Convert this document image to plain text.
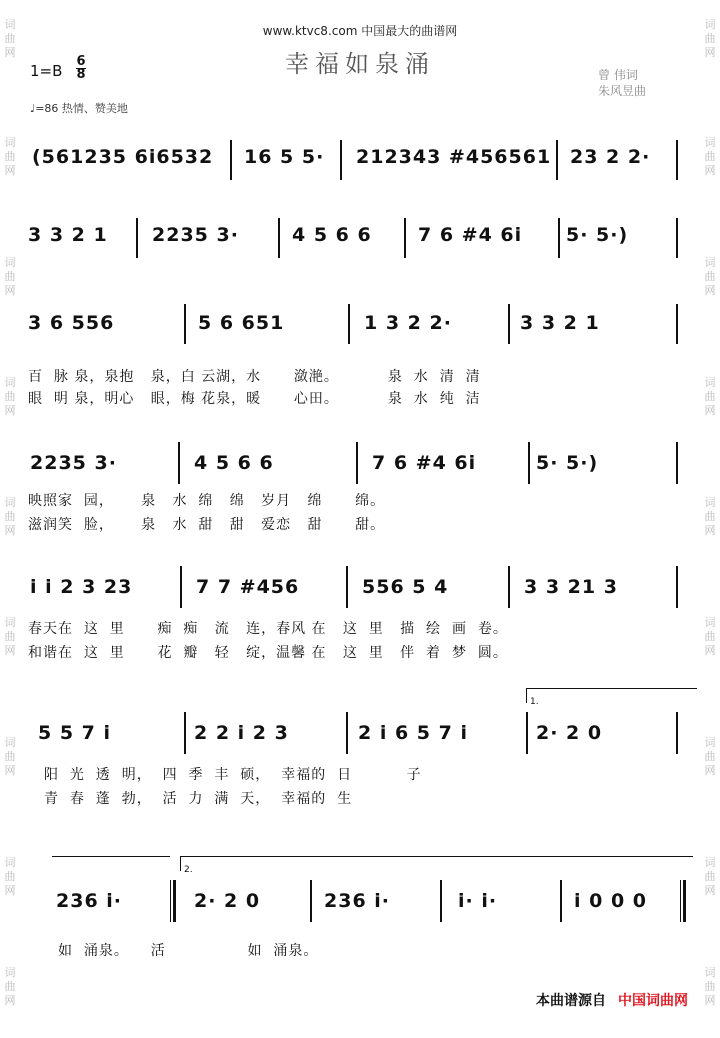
词
曲
网
词
曲
网
词
曲
网
词
曲
网
词
曲
网
词
曲
网
词
曲
网
词
曲
网
词
曲
网
词
曲
网
词
曲
网
词
曲
网
词
曲
网
词
曲
网
词
曲
网
词
曲
网
词
曲
网
词
曲
网
www.ktvc8.com 中国最大的曲谱网
幸福如泉涌
1=B
6
8	曾 伟词
朱风昱曲
♩=86 热情、赞美地
(561235 6i6532 16 5 5· 212343 #456561 23 2 2·
3 3 2 1 2235 3·	4 5 6 6 7 6 #4 6i 5· 5·)
3 6 556	5 6 651	1 3 2 2·	3 3 2 1
百  脉 泉，泉抱   泉，白 云湖，水      潋滟。         泉  水  清  清
眼  明 泉，明心   眼，梅 花泉，暖      心田。         泉  水  纯  洁
2235 3·	4 5 6 6	7 6 #4 6i	5· 5·)
映照家  园，     泉   水  绵   绵   岁月   绵      绵。
滋润笑  脸，     泉   水  甜   甜   爱恋   甜      甜。
i i 2 3 23	7 7 #456	556 5 4	3 3 21 3
春天在  这  里      痴  痴   流   连，春风 在   这  里   描  绘  画  卷。
和谐在  这  里      花  瓣   轻   绽，温馨 在   这  里   伴  着  梦  圆。
1.
5 5 7 i	2 2 i 2 3	2 i 6 5 7 i	2· 2 0
阳  光  透  明，  四  季  丰  硕，  幸福的  日          子
青  春  蓬  勃，  活  力  满  天，  幸福的  生
2.
236 i·	2· 2 0	236 i·	i· i·	i 0 0 0
如  涌泉。    活               如  涌泉。
本曲谱源自 中国词曲网
